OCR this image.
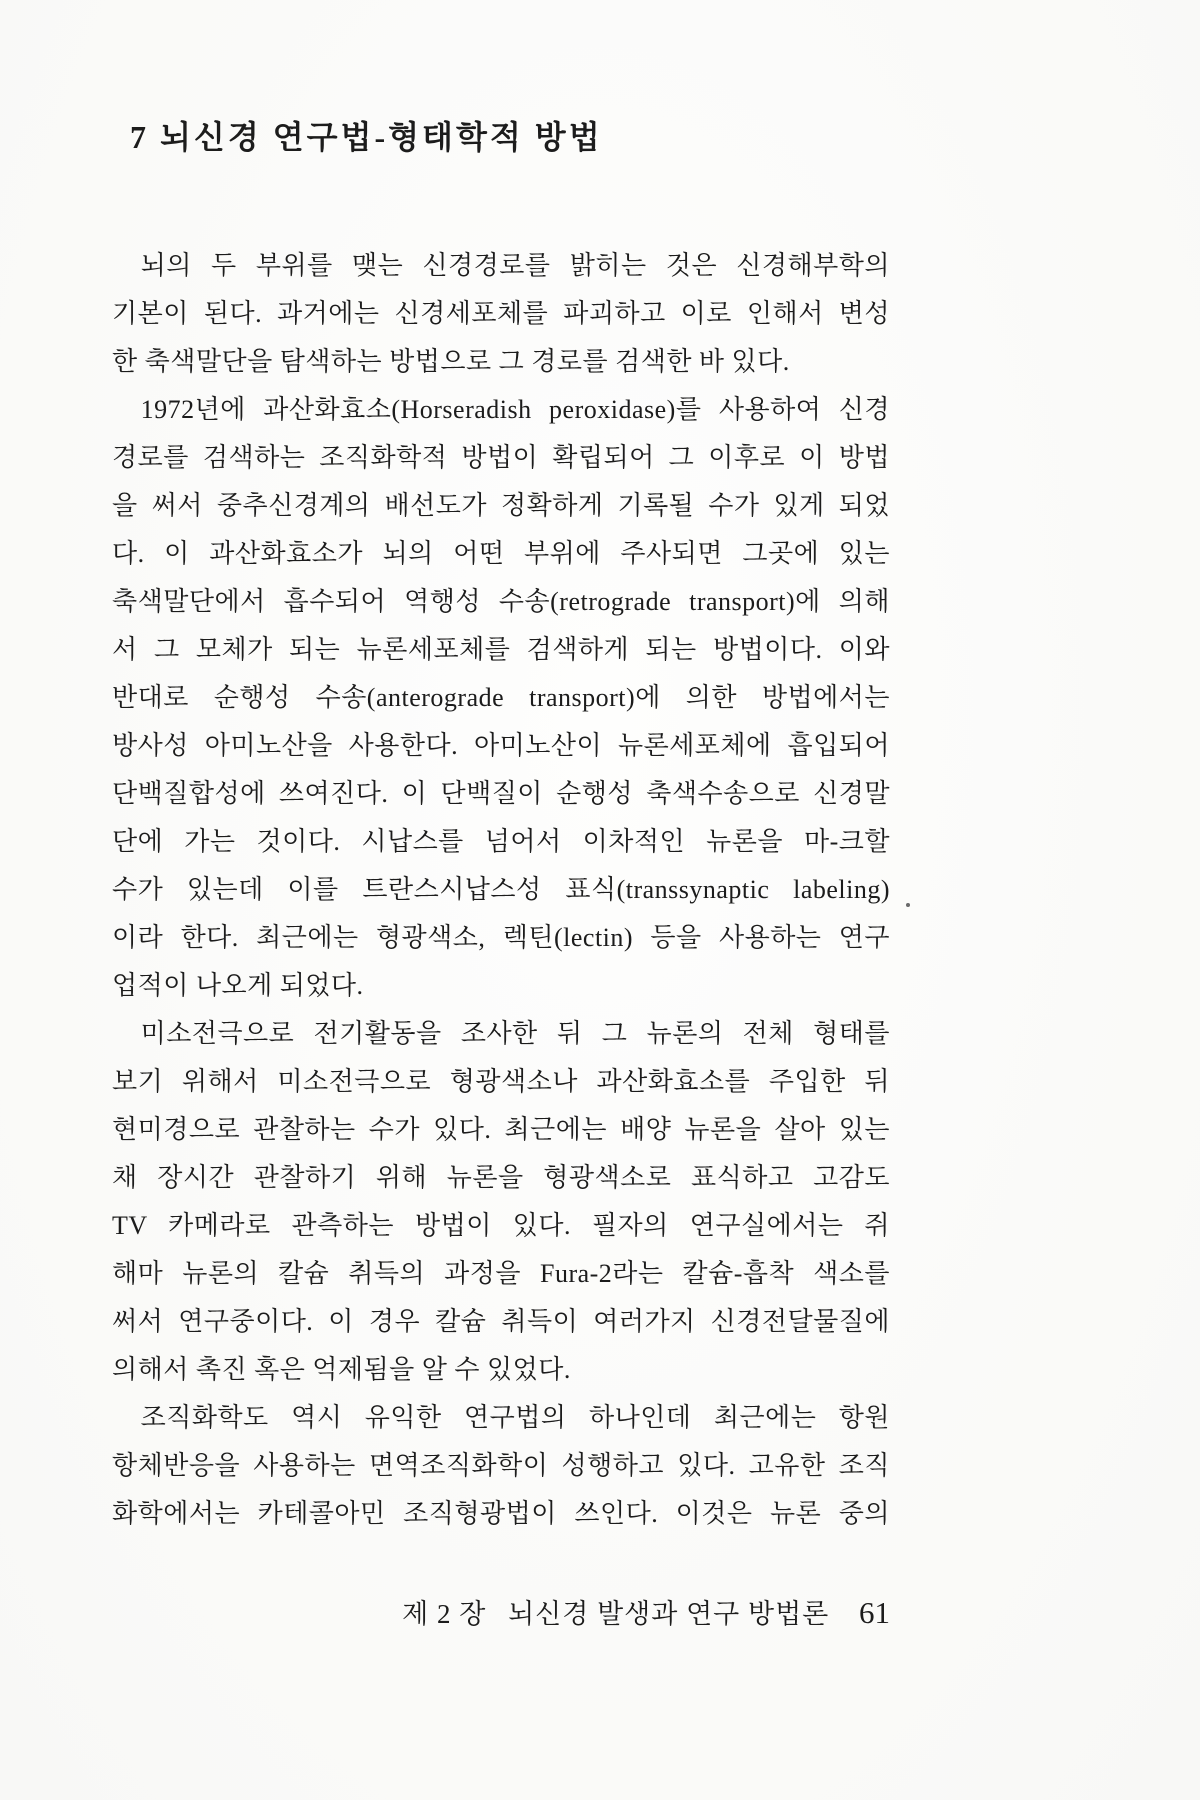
7 뇌신경 연구법-형태학적 방법
뇌의 두 부위를 맺는 신경경로를 밝히는 것은 신경해부학의
기본이 된다. 과거에는 신경세포체를 파괴하고 이로 인해서 변성
한 축색말단을 탐색하는 방법으로 그 경로를 검색한 바 있다.
1972년에 과산화효소(Horseradish peroxidase)를 사용하여 신경
경로를 검색하는 조직화학적 방법이 확립되어 그 이후로 이 방법
을 써서 중추신경계의 배선도가 정확하게 기록될 수가 있게 되었
다. 이 과산화효소가 뇌의 어떤 부위에 주사되면 그곳에 있는
축색말단에서 흡수되어 역행성 수송(retrograde transport)에 의해
서 그 모체가 되는 뉴론세포체를 검색하게 되는 방법이다. 이와
반대로 순행성 수송(anterograde transport)에 의한 방법에서는
방사성 아미노산을 사용한다. 아미노산이 뉴론세포체에 흡입되어
단백질합성에 쓰여진다. 이 단백질이 순행성 축색수송으로 신경말
단에 가는 것이다. 시납스를 넘어서 이차적인 뉴론을 마-크할
수가 있는데 이를 트란스시납스성 표식(transsynaptic labeling)
이라 한다. 최근에는 형광색소, 렉틴(lectin) 등을 사용하는 연구
업적이 나오게 되었다.
미소전극으로 전기활동을 조사한 뒤 그 뉴론의 전체 형태를
보기 위해서 미소전극으로 형광색소나 과산화효소를 주입한 뒤
현미경으로 관찰하는 수가 있다. 최근에는 배양 뉴론을 살아 있는
채 장시간 관찰하기 위해 뉴론을 형광색소로 표식하고 고감도
TV 카메라로 관측하는 방법이 있다. 필자의 연구실에서는 쥐
해마 뉴론의 칼슘 취득의 과정을 Fura-2라는 칼슘-흡착 색소를
써서 연구중이다. 이 경우 칼슘 취득이 여러가지 신경전달물질에
의해서 촉진 혹은 억제됨을 알 수 있었다.
조직화학도 역시 유익한 연구법의 하나인데 최근에는 항원
항체반응을 사용하는 면역조직화학이 성행하고 있다. 고유한 조직
화학에서는 카테콜아민 조직형광법이 쓰인다. 이것은 뉴론 중의
제 2 장 뇌신경 발생과 연구 방법론 61
